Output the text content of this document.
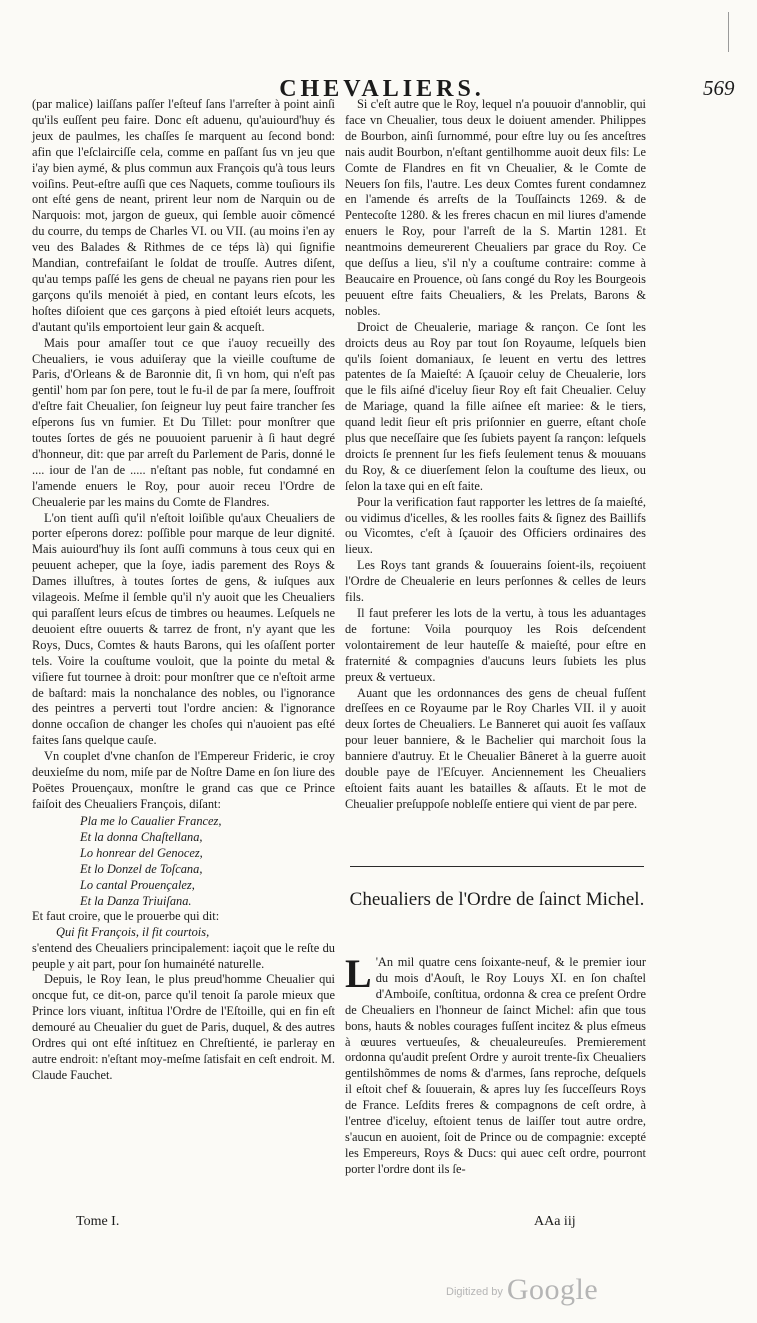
CHEVALIERS.	569

(par malice) laiſſans paſſer l'eſteuf ſans l'arreſter à point ainſi qu'ils euſſent peu faire. Donc eſt aduenu, qu'auiourd'huy és jeux de paulmes, les chaſſes ſe marquent au ſecond bond: afin que l'eſclairciſſe cela, comme en paſſant ſus vn jeu que i'ay bien aymé, & plus commun aux François qu'à tous leurs voiſins. Peut-eſtre auſſi que ces Naquets, comme touſiours ils ont eſté gens de neant, prirent leur nom de Narquin ou de Narquois: mot, jargon de gueux, qui ſemble auoir cõmencé du courre, du temps de Charles VI. ou VII. (au moins i'en ay veu des Balades & Rithmes de ce téps là) qui ſignifie Mandian, contrefaiſant le ſoldat de trouſſe. Autres diſent, qu'au temps paſſé les gens de cheual ne payans rien pour les garçons qu'ils menoiét à pied, en contant leurs eſcots, les hoſtes diſoient que ces garçons à pied eſtoiét leurs acquets, d'autant qu'ils emportoient leur gain & acqueſt.

Mais pour amaſſer tout ce que i'auoy recueilly des Cheualiers, ie vous aduiſeray que la vieille couſtume de Paris, d'Orleans & de Baronnie dit, ſi vn hom, qui n'eſt pas gentil' hom par ſon pere, tout le fu-il de par ſa mere, ſouffroit d'eſtre fait Cheualier, ſon ſeigneur luy peut faire trancher ſes eſperons ſus vn fumier. Et Du Tillet: pour monſtrer que toutes ſortes de gés ne pouuoient paruenir à ſi haut degré d'honneur, dit: que par arreſt du Parlement de Paris, donné le .... iour de l'an de ..... n'eſtant pas noble, fut condamné en l'amende enuers le Roy, pour auoir receu l'Ordre de Cheualerie par les mains du Comte de Flandres.

L'on tient auſſi qu'il n'eſtoit loiſible qu'aux Cheualiers de porter eſperons dorez: poſſible pour marque de leur dignité. Mais auiourd'huy ils ſont auſſi communs à tous ceux qui en peuuent acheper, que la ſoye, iadis parement des Roys & Dames illuſtres, à toutes ſortes de gens, & iuſques aux vilageois. Meſme il ſemble qu'il n'y auoit que les Cheualiers qui paraſſent leurs eſcus de timbres ou heaumes. Leſquels ne deuoient eſtre ouuerts & tarrez de front, n'y ayant que les Roys, Ducs, Comtes & hauts Barons, qui les oſaſſent porter tels. Voire la couſtume vouloit, que la pointe du metal & viſiere fut tournee à droit: pour monſtrer que ce n'eſtoit arme de baſtard: mais la nonchalance des nobles, ou l'ignorance des peintres a perverti tout l'ordre ancien: & l'ignorance donne occaſion de changer les choſes qui n'auoient pas eſté faites ſans quelque cauſe.

Vn couplet d'vne chanſon de l'Empereur Frideric, ie croy deuxieſme du nom, miſe par de Noſtre Dame en ſon liure des Poëtes Prouençaux, monſtre le grand cas que ce Prince faiſoit des Cheualiers François, diſant:

Pla me lo Caualier Francez,
Et la donna Chaſtellana,
Lo honrear del Genocez,
Et lo Donzel de Toſcana,
Lo cantal Prouençalez,
Et la Danza Triuiſana.

Et faut croire, que le prouerbe qui dit:

Qui fit François, il fit courtois,

s'entend des Cheualiers principalement: iaçoit que le reſte du peuple y ait part, pour ſon humainété naturelle.

Depuis, le Roy Iean, le plus preud'homme Cheualier qui oncque fut, ce dit-on, parce qu'il tenoit ſa parole mieux que Prince lors viuant, inſtitua l'Ordre de l'Eſtoille, qui en fin eſt demouré au Cheualier du guet de Paris, duquel, & des autres Ordres qui ont eſté inſtituez en Chreſtienté, ie parleray en autre endroit: n'eſtant moy-meſme ſatisfait en ceſt endroit. M. Claude Fauchet.

Si c'eſt autre que le Roy, lequel n'a pouuoir d'annoblir, qui face vn Cheualier, tous deux le doiuent amender. Philippes de Bourbon, ainſi ſurnommé, pour eſtre luy ou ſes anceſtres nais audit Bourbon, n'eſtant gentilhomme auoit deux fils: Le Comte de Flandres en fit vn Cheualier, & le Comte de Neuers ſon fils, l'autre. Les deux Comtes furent condamnez en l'amende és arreſts de la Touſſaincts 1269. & de Pentecoſte 1280. & les freres chacun en mil liures d'amende enuers le Roy, pour l'arreſt de la S. Martin 1281. Et neantmoins demeurerent Cheualiers par grace du Roy. Ce que deſſus a lieu, s'il n'y a couſtume contraire: comme à Beaucaire en Prouence, où ſans congé du Roy les Bourgeois peuuent eſtre faits Cheualiers, & les Prelats, Barons & nobles.

Droict de Cheualerie, mariage & rançon. Ce ſont les droicts deus au Roy par tout ſon Royaume, leſquels bien qu'ils ſoient domaniaux, ſe leuent en vertu des lettres patentes de ſa Maieſté: A ſçauoir celuy de Cheualerie, lors que le fils aiſné d'iceluy ſieur Roy eſt fait Cheualier. Celuy de Mariage, quand la fille aiſnee eſt mariee: & le tiers, quand ledit ſieur eſt pris priſonnier en guerre, eſtant choſe plus que neceſſaire que ſes ſubiets payent ſa rançon: leſquels droicts ſe prennent ſur les fiefs ſeulement tenus & mouuans du Roy, & ce diuerſement ſelon la couſtume des lieux, ou ſelon la taxe qui en eſt faite.

Pour la verification faut rapporter les lettres de ſa maieſté, ou vidimus d'icelles, & les roolles faits & ſignez des Baillifs ou Vicomtes, c'eſt à ſçauoir des Officiers ordinaires des lieux.

Les Roys tant grands & ſouuerains ſoient-ils, reçoiuent l'Ordre de Cheualerie en leurs perſonnes & celles de leurs fils.

Il faut preferer les lots de la vertu, à tous les aduantages de fortune: Voila pourquoy les Rois deſcendent volontairement de leur hauteſſe & maieſté, pour eſtre en fraternité & compagnies d'aucuns leurs ſubiets les plus preux & vertueux.

Auant que les ordonnances des gens de cheual fuſſent dreſſees en ce Royaume par le Roy Charles VII. il y auoit deux ſortes de Cheualiers. Le Banneret qui auoit ſes vaſſaux pour leuer banniere, & le Bachelier qui marchoit ſous la banniere d'autruy. Et le Cheualier Bâneret à la guerre auoit double paye de l'Eſcuyer. Anciennement les Cheualiers eſtoient faits auant les batailles & aſſauts. Et le mot de Cheualier preſuppoſe nobleſſe entiere qui vient de par pere.

Cheualiers de l'Ordre de ſainct Michel.

L 'An mil quatre cens ſoixante-neuf, & le premier iour du mois d'Aouſt, le Roy Louys XI. en ſon chaſtel d'Amboiſe, conſtitua, ordonna & crea ce preſent Ordre de Cheualiers en l'honneur de ſainct Michel: afin que tous bons, hauts & nobles courages fuſſent incitez & plus eſmeus à œuures vertueuſes, & cheualeureuſes. Premierement ordonna qu'audit preſent Ordre y auroit trente-ſix Cheualiers gentilshõmmes de noms & d'armes, ſans reproche, deſquels il eſtoit chef & ſouuerain, & apres luy ſes ſucceſſeurs Roys de France. Leſdits freres & compagnons de ceſt ordre, à l'entree d'iceluy, eſtoient tenus de laiſſer tout autre ordre, s'aucun en auoient, ſoit de Prince ou de compagnie: excepté les Empereurs, Roys & Ducs: qui auec ceſt ordre, pourront porter l'ordre dont ils ſe-

Tome I.	AAa iij
$^{Digitized by}$ Google
